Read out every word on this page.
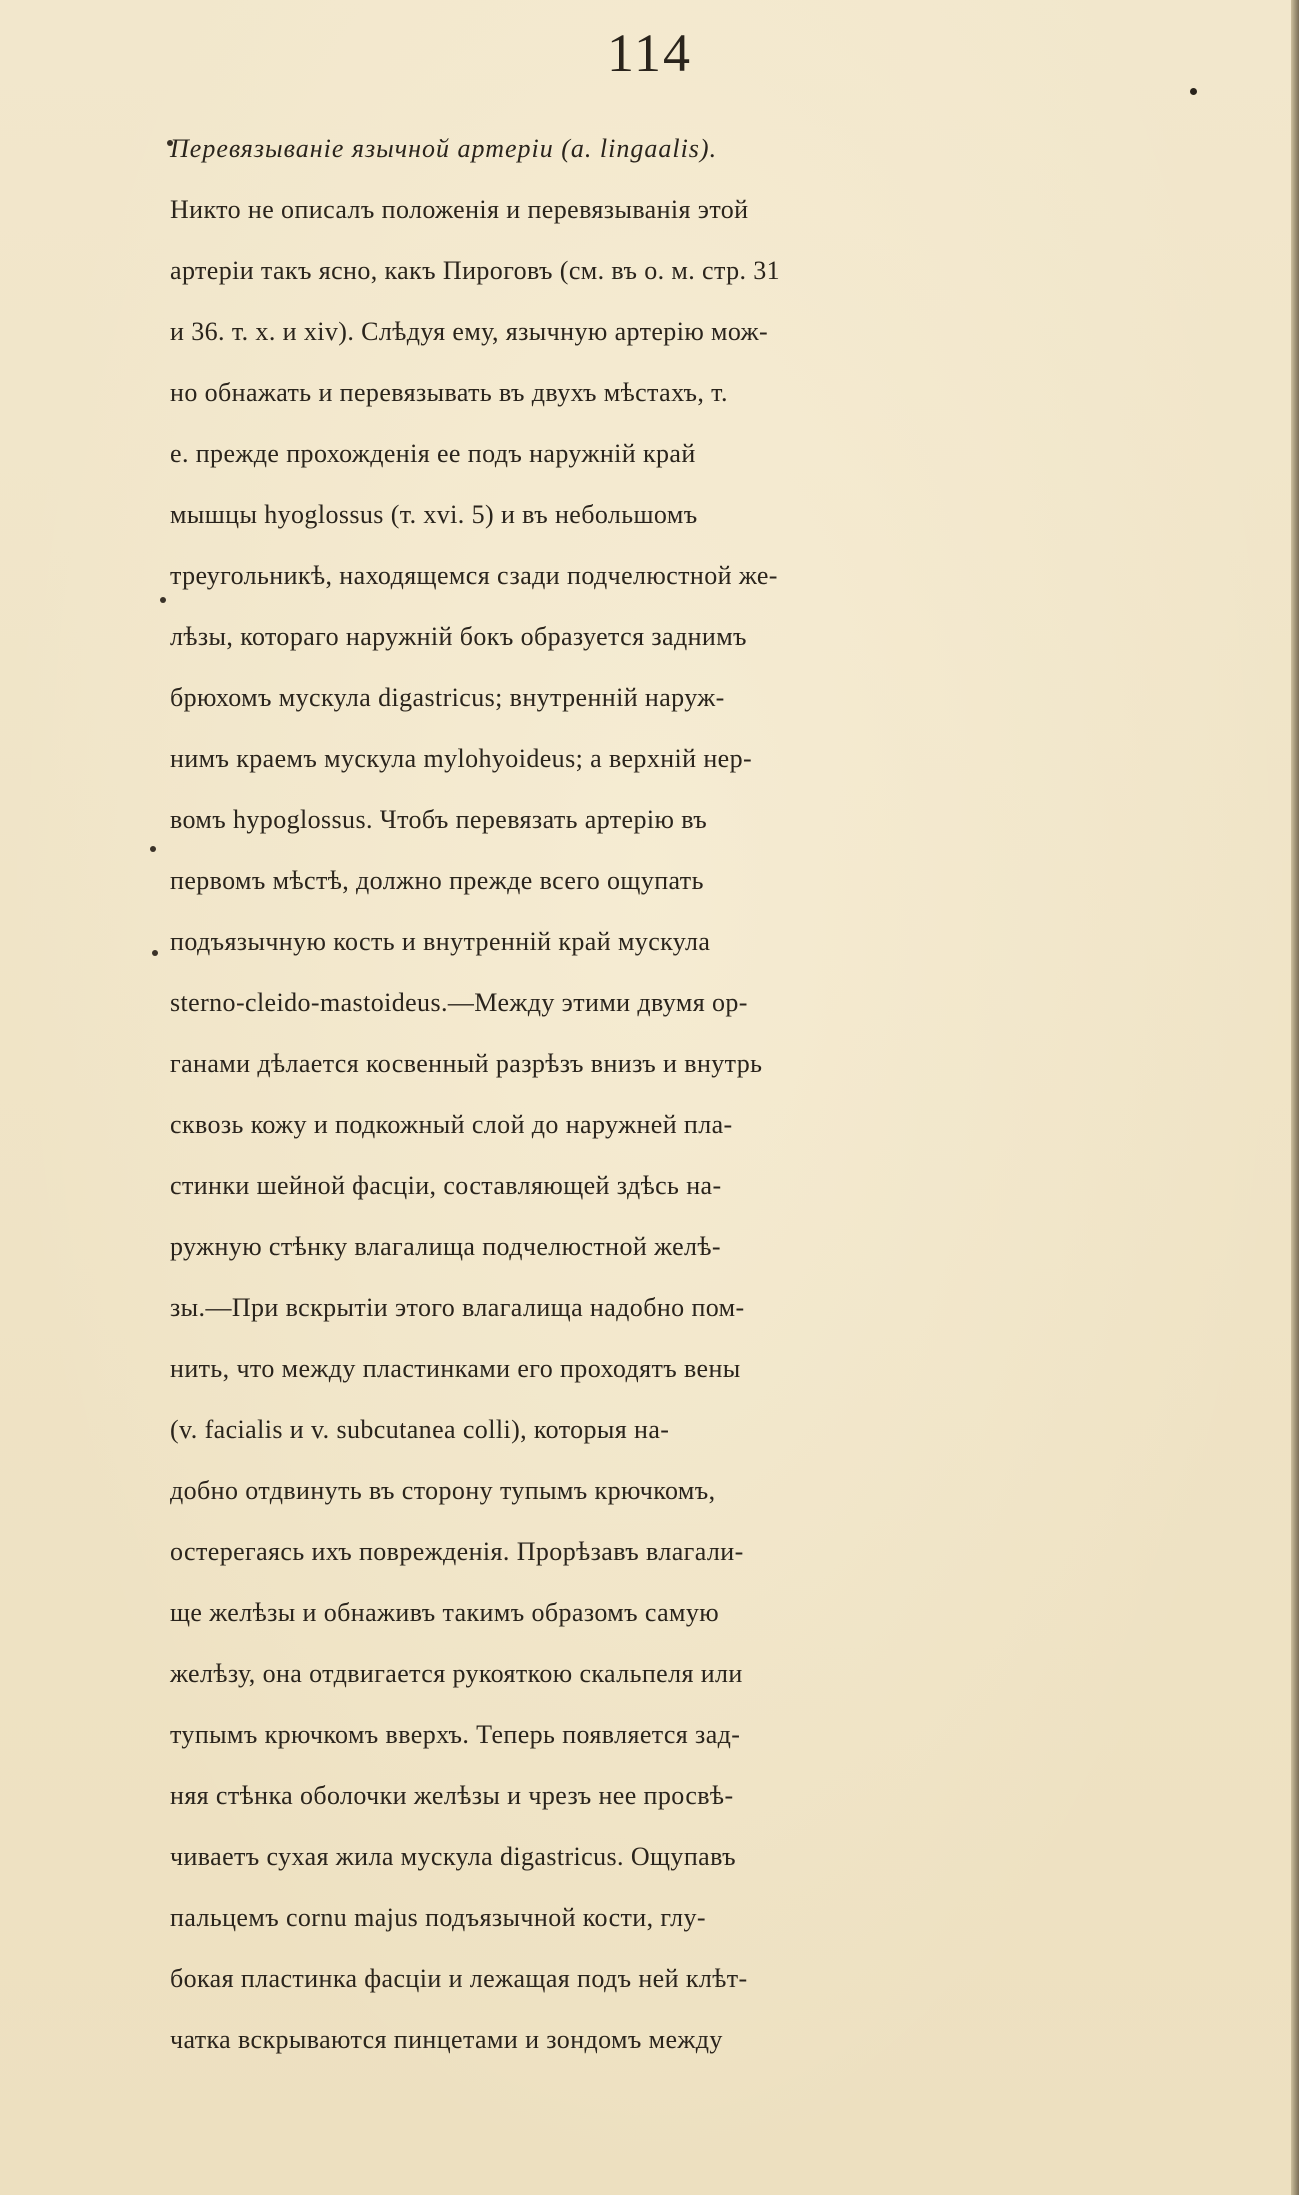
114
Перевязываніе язычной артеріи (a. lingaalis).
Никто не описалъ положенія и перевязыванія этой
артеріи такъ ясно, какъ Пироговъ (см. въ о. м. стр. 31
и 36. т. х. и xiv). Слѣдуя ему, язычную артерію мож-
но обнажать и перевязывать въ двухъ мѣстахъ, т.
е. прежде прохожденія ее подъ наружній край
мышцы hyoglossus (т. xvi. 5) и въ небольшомъ
треугольникѣ, находящемся сзади подчелюстной же-
лѣзы, котораго наружній бокъ образуется заднимъ
брюхомъ мускула digastricus; внутренній наруж-
нимъ краемъ мускула mylohyoideus; а верхній нер-
вомъ hypoglossus. Чтобъ перевязать артерію въ
первомъ мѣстѣ, должно прежде всего ощупать
подъязычную кость и внутренній край мускула
sterno-cleido-mastoideus.—Между этими двумя ор-
ганами дѣлается косвенный разрѣзъ внизъ и внутрь
сквозь кожу и подкожный слой до наружней пла-
стинки шейной фасціи, составляющей здѣсь на-
ружную стѣнку влагалища подчелюстной желѣ-
зы.—При вскрытіи этого влагалища надобно пом-
нить, что между пластинками его проходятъ вены
(v. facialis и v. subcutanea colli), которыя на-
добно отдвинуть въ сторону тупымъ крючкомъ,
остерегаясь ихъ поврежденія. Прорѣзавъ влагали-
ще желѣзы и обнаживъ такимъ образомъ самую
желѣзу, она отдвигается рукояткою скальпеля или
тупымъ крючкомъ вверхъ. Теперь появляется зад-
няя стѣнка оболочки желѣзы и чрезъ нее просвѣ-
чиваетъ сухая жила мускула digastricus. Ощупавъ
пальцемъ cornu majus подъязычной кости, глу-
бокая пластинка фасціи и лежащая подъ ней клѣт-
чатка вскрываются пинцетами и зондомъ между
